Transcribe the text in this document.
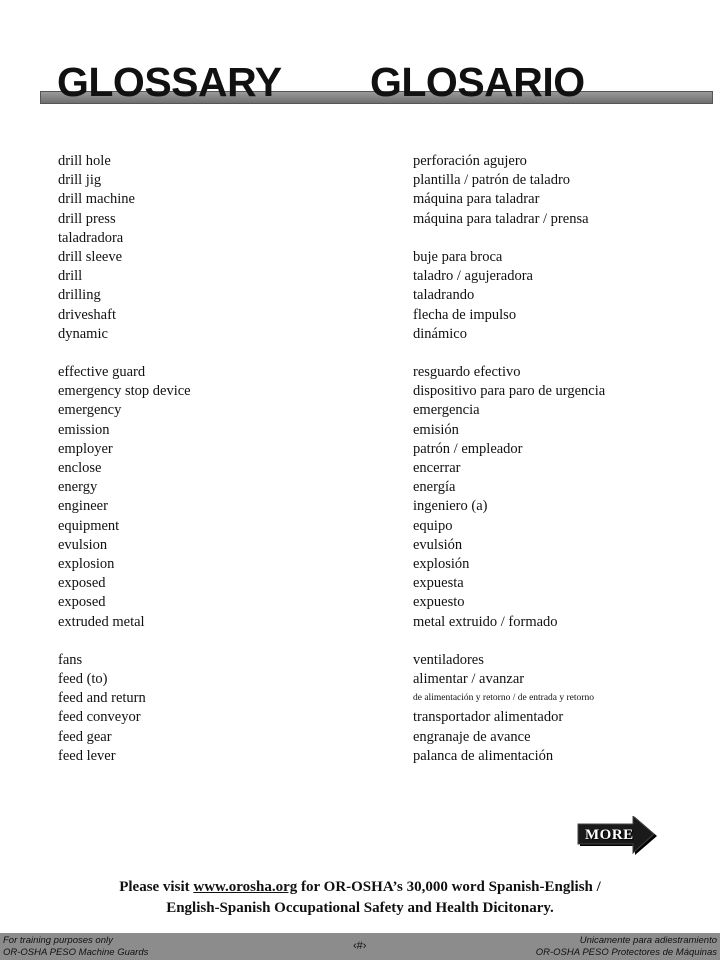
GLOSSARY GLOSARIO
drill hole	perforación agujero
drill jig	plantilla / patrón de taladro
drill machine	máquina para taladrar
drill press	máquina para taladrar / prensa
taladradora
drill sleeve	buje para broca
drill	taladro / agujeradora
drilling	taladrando
driveshaft	flecha de impulso
dynamic	dinámico
effective guard	resguardo efectivo
emergency stop device	dispositivo para paro de urgencia
emergency	emergencia
emission	emisión
employer	patrón / empleador
enclose	encerrar
energy	energía
engineer	ingeniero (a)
equipment	equipo
evulsion	evulsión
explosion	explosión
exposed	expuesta
exposed	expuesto
extruded metal	metal extruido / formado
fans	ventiladores
feed (to)	alimentar / avanzar
feed and return	de alimentación y retorno / de entrada y retorno
feed conveyor	transportador alimentador
feed gear	engranaje de avance
feed lever	palanca de alimentación
MORE
Please visit www.orosha.org for OR-OSHA’s 30,000 word Spanish-English /
English-Spanish Occupational Safety and Health Dicitonary.
For training purposes only
OR-OSHA PESO Machine Guards
‹#›	Unicamente para adiestramiento
OR-OSHA PESO Protectores de Máquinas
